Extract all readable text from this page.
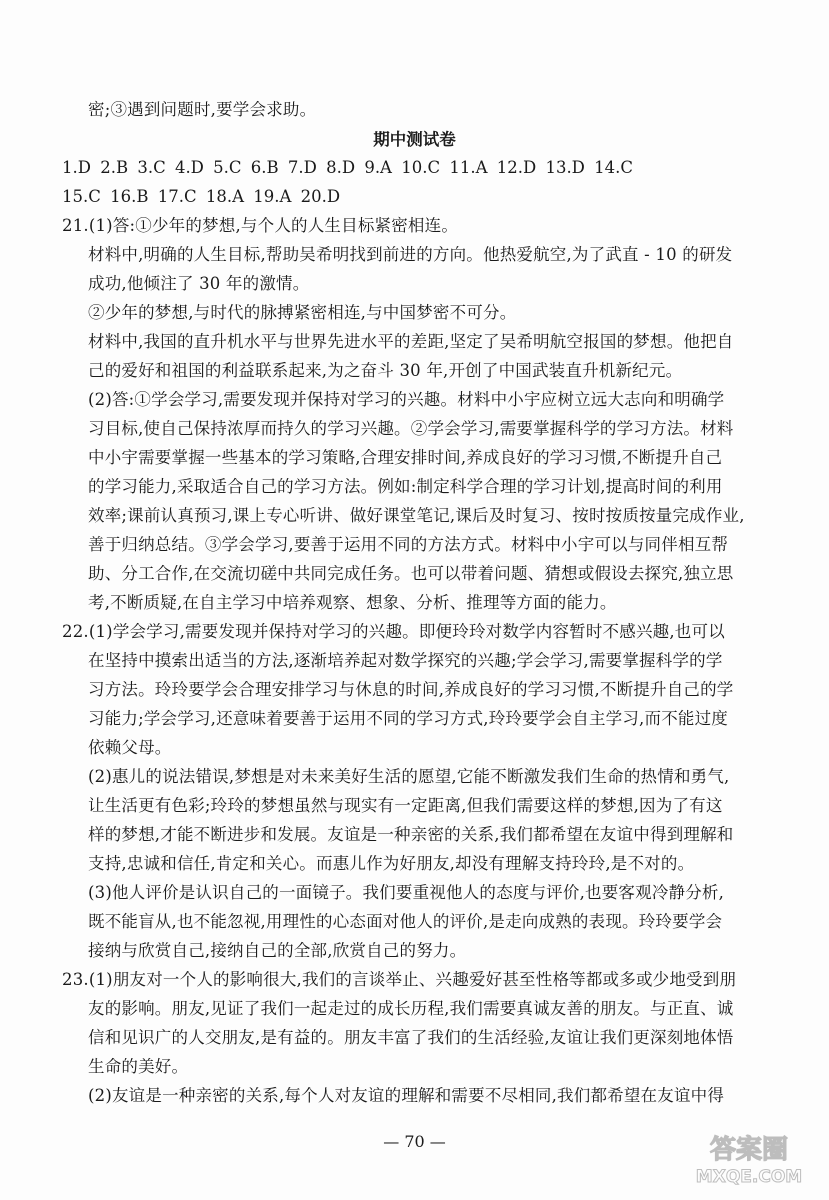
密;③遇到问题时,要学会求助。
期中测试卷
1.D 2.B 3.C 4.D 5.C 6.B 7.D 8.D 9.A 10.C 11.A 12.D 13.D 14.C
15.C 16.B 17.C 18.A 19.A 20.D
21.(1)答:①少年的梦想,与个人的人生目标紧密相连。
材料中,明确的人生目标,帮助吴希明找到前进的方向。他热爱航空,为了武直 - 10 的研发
成功,他倾注了 30 年的激情。
②少年的梦想,与时代的脉搏紧密相连,与中国梦密不可分。
材料中,我国的直升机水平与世界先进水平的差距,坚定了吴希明航空报国的梦想。他把自
己的爱好和祖国的利益联系起来,为之奋斗 30 年,开创了中国武装直升机新纪元。
(2)答:①学会学习,需要发现并保持对学习的兴趣。材料中小宇应树立远大志向和明确学
习目标,使自己保持浓厚而持久的学习兴趣。②学会学习,需要掌握科学的学习方法。材料
中小宇需要掌握一些基本的学习策略,合理安排时间,养成良好的学习习惯,不断提升自己
的学习能力,采取适合自己的学习方法。例如:制定科学合理的学习计划,提高时间的利用
效率;课前认真预习,课上专心听讲、做好课堂笔记,课后及时复习、按时按质按量完成作业,
善于归纳总结。③学会学习,要善于运用不同的方法方式。材料中小宇可以与同伴相互帮
助、分工合作,在交流切磋中共同完成任务。也可以带着问题、猜想或假设去探究,独立思
考,不断质疑,在自主学习中培养观察、想象、分析、推理等方面的能力。
22.(1)学会学习,需要发现并保持对学习的兴趣。即便玲玲对数学内容暂时不感兴趣,也可以
在坚持中摸索出适当的方法,逐渐培养起对数学探究的兴趣;学会学习,需要掌握科学的学
习方法。玲玲要学会合理安排学习与休息的时间,养成良好的学习习惯,不断提升自己的学
习能力;学会学习,还意味着要善于运用不同的学习方式,玲玲要学会自主学习,而不能过度
依赖父母。
(2)惠儿的说法错误,梦想是对未来美好生活的愿望,它能不断激发我们生命的热情和勇气,
让生活更有色彩;玲玲的梦想虽然与现实有一定距离,但我们需要这样的梦想,因为了有这
样的梦想,才能不断进步和发展。友谊是一种亲密的关系,我们都希望在友谊中得到理解和
支持,忠诚和信任,肯定和关心。而惠儿作为好朋友,却没有理解支持玲玲,是不对的。
(3)他人评价是认识自己的一面镜子。我们要重视他人的态度与评价,也要客观冷静分析,
既不能盲从,也不能忽视,用理性的心态面对他人的评价,是走向成熟的表现。玲玲要学会
接纳与欣赏自己,接纳自己的全部,欣赏自己的努力。
23.(1)朋友对一个人的影响很大,我们的言谈举止、兴趣爱好甚至性格等都或多或少地受到朋
友的影响。朋友,见证了我们一起走过的成长历程,我们需要真诚友善的朋友。与正直、诚
信和见识广的人交朋友,是有益的。朋友丰富了我们的生活经验,友谊让我们更深刻地体悟
生命的美好。
(2)友谊是一种亲密的关系,每个人对友谊的理解和需要不尽相同,我们都希望在友谊中得
— 70 —	答案圈
MXQE.COM
